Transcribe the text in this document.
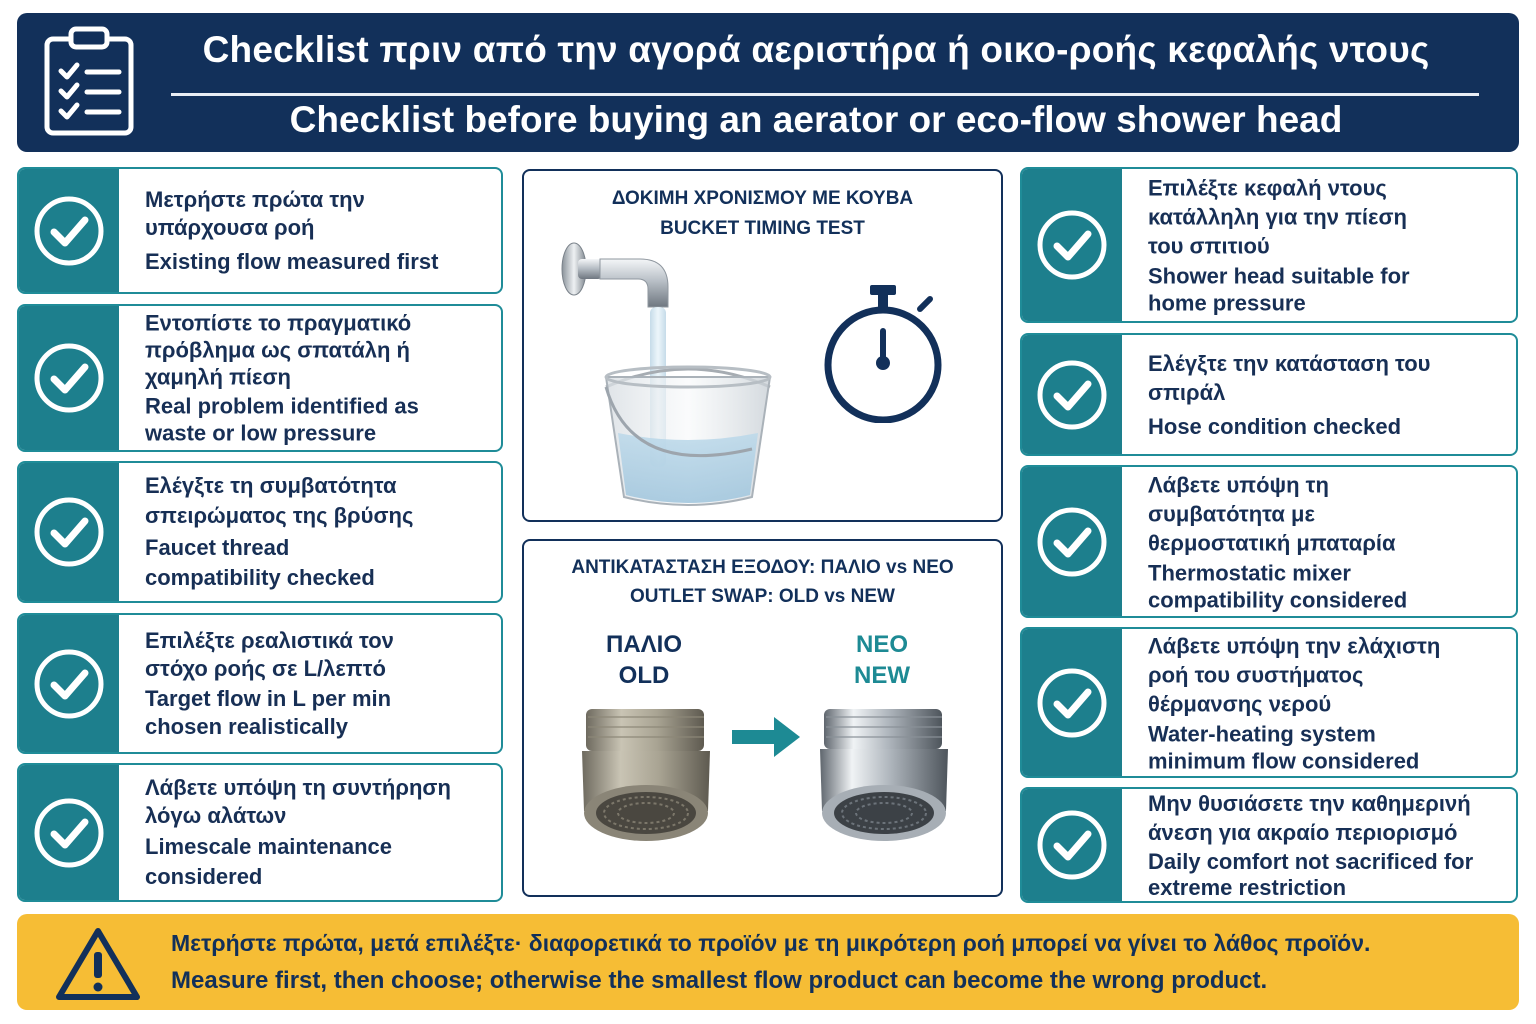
Checklist πριν από την αγορά αεριστήρα ή οικο-ροής κεφαλής ντους
Checklist before buying an aerator or eco-flow shower head
Μετρήστε πρώτα την υπάρχουσα ροή
Existing flow measured first
Εντοπίστε το πραγματικό πρόβλημα ως σπατάλη ή χαμηλή πίεση
Real problem identified as waste or low pressure
Ελέγξτε τη συμβατότητα σπειρώματος της βρύσης
Faucet thread compatibility checked
Επιλέξτε ρεαλιστικά τον στόχο ροής σε L/λεπτό
Target flow in L per min chosen realistically
Λάβετε υπόψη τη συντήρηση λόγω αλάτων
Limescale maintenance considered
ΔΟΚΙΜΗ ΧΡΟΝΙΣΜΟΥ ΜΕ ΚΟΥΒΑ
BUCKET TIMING TEST
ΑΝΤΙΚΑΤΑΣΤΑΣΗ ΕΞΟΔΟΥ: ΠΑΛΙΟ vs ΝΕΟ
OUTLET SWAP: OLD vs NEW
ΠΑΛΙΟ
OLD
ΝΕΟ
NEW
Επιλέξτε κεφαλή ντους κατάλληλη για την πίεση του σπιτιού
Shower head suitable for home pressure
Ελέγξτε την κατάσταση του σπιράλ
Hose condition checked
Λάβετε υπόψη τη συμβατότητα με θερμοστατική μπαταρία
Thermostatic mixer compatibility considered
Λάβετε υπόψη την ελάχιστη ροή του συστήματος θέρμανσης νερού
Water-heating system minimum flow considered
Μην θυσιάσετε την καθημερινή άνεση για ακραίο περιορισμό
Daily comfort not sacrificed for extreme restriction
Μετρήστε πρώτα, μετά επιλέξτε· διαφορετικά το προϊόν με τη μικρότερη ροή μπορεί να γίνει το λάθος προϊόν.
Measure first, then choose; otherwise the smallest flow product can become the wrong product.
